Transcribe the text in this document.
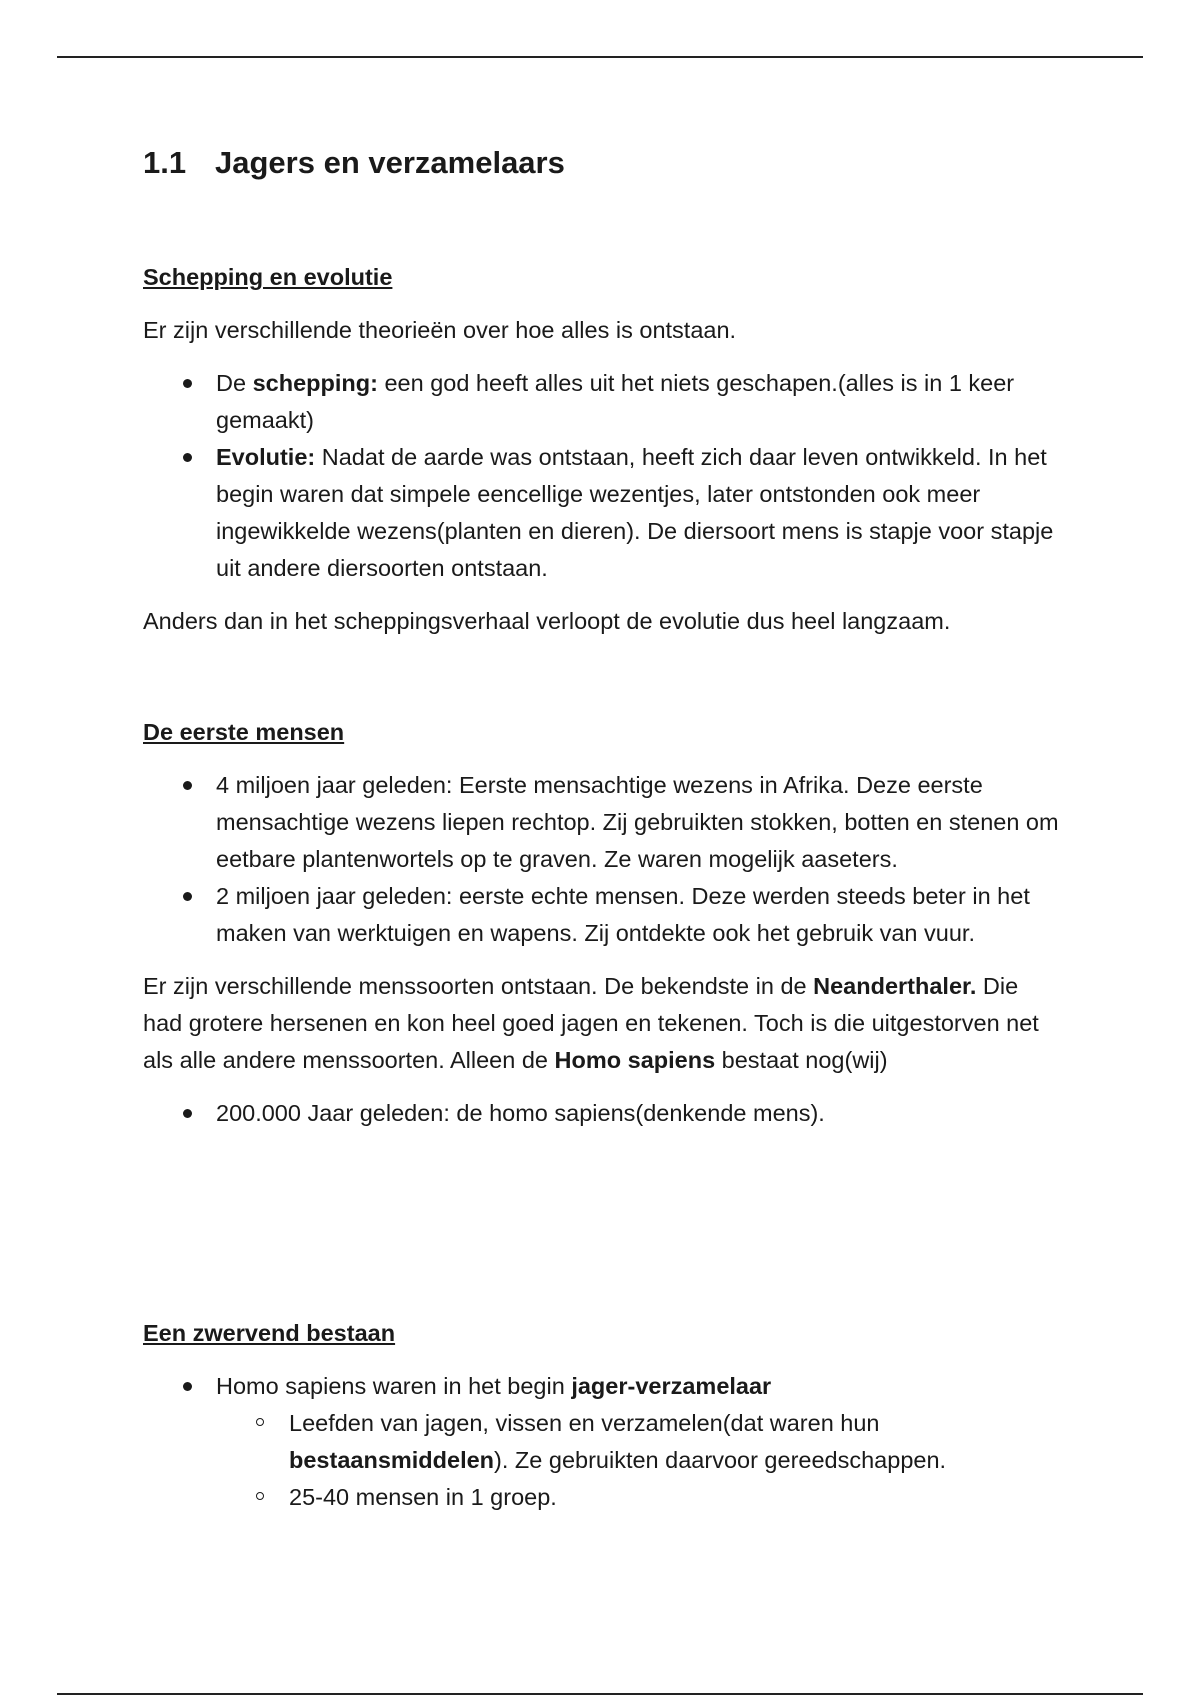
1.1 Jagers en verzamelaars
Schepping en evolutie

Er zijn verschillende theorieën over hoe alles is ontstaan.

De schepping: een god heeft alles uit het niets geschapen.(alles is in 1 keer gemaakt)
Evolutie: Nadat de aarde was ontstaan, heeft zich daar leven ontwikkeld. In het begin waren dat simpele eencellige wezentjes, later ontstonden ook meer ingewikkelde wezens(planten en dieren). De diersoort mens is stapje voor stapje uit andere diersoorten ontstaan.

Anders dan in het scheppingsverhaal verloopt de evolutie dus heel langzaam.

De eerste mensen
4 miljoen jaar geleden: Eerste mensachtige wezens in Afrika. Deze eerste mensachtige wezens liepen rechtop. Zij gebruikten stokken, botten en stenen om eetbare plantenwortels op te graven. Ze waren mogelijk aaseters.
2 miljoen jaar geleden: eerste echte mensen. Deze werden steeds beter in het maken van werktuigen en wapens. Zij ontdekte ook het gebruik van vuur.

Er zijn verschillende menssoorten ontstaan. De bekendste in de Neanderthaler. Die had grotere hersenen en kon heel goed jagen en tekenen. Toch is die uitgestorven net als alle andere menssoorten. Alleen de Homo sapiens bestaat nog(wij)

200.000 Jaar geleden: de homo sapiens(denkende mens).
Een zwervend bestaan
Homo sapiens waren in het begin jager-verzamelaar
Leefden van jagen, vissen en verzamelen(dat waren hun bestaansmiddelen). Ze gebruikten daarvoor gereedschappen.
25-40 mensen in 1 groep.
